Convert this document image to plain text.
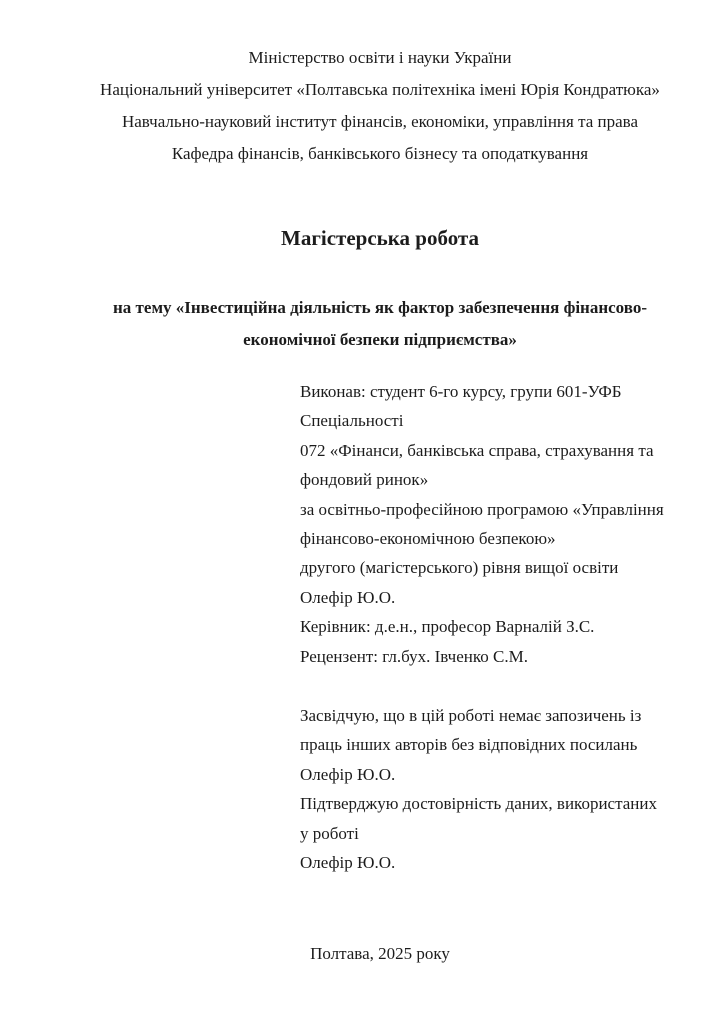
Міністерство освіти і науки України
Національний університет «Полтавська політехніка імені Юрія Кондратюка»
Навчально-науковий інститут фінансів, економіки, управління та права
Кафедра фінансів, банківського бізнесу та оподаткування
Магістерська робота
на тему «Інвестиційна діяльність як фактор забезпечення фінансово-
економічної безпеки підприємства»
Виконав: студент 6-го курсу, групи 601-УФБ
Спеціальності
072 «Фінанси, банківська справа, страхування та
фондовий ринок»
за освітньо-професійною програмою «Управління
фінансово-економічною безпекою»
другого (магістерського) рівня вищої освіти
Олефір Ю.О.
Керівник: д.е.н., професор Варналій З.С.
Рецензент: гл.бух. Івченко С.М.
Засвідчую, що в цій роботі немає запозичень із
праць інших авторів без відповідних посилань
Олефір Ю.О.
Підтверджую достовірність даних, використаних
у роботі
Олефір Ю.О.
Полтава, 2025 року
